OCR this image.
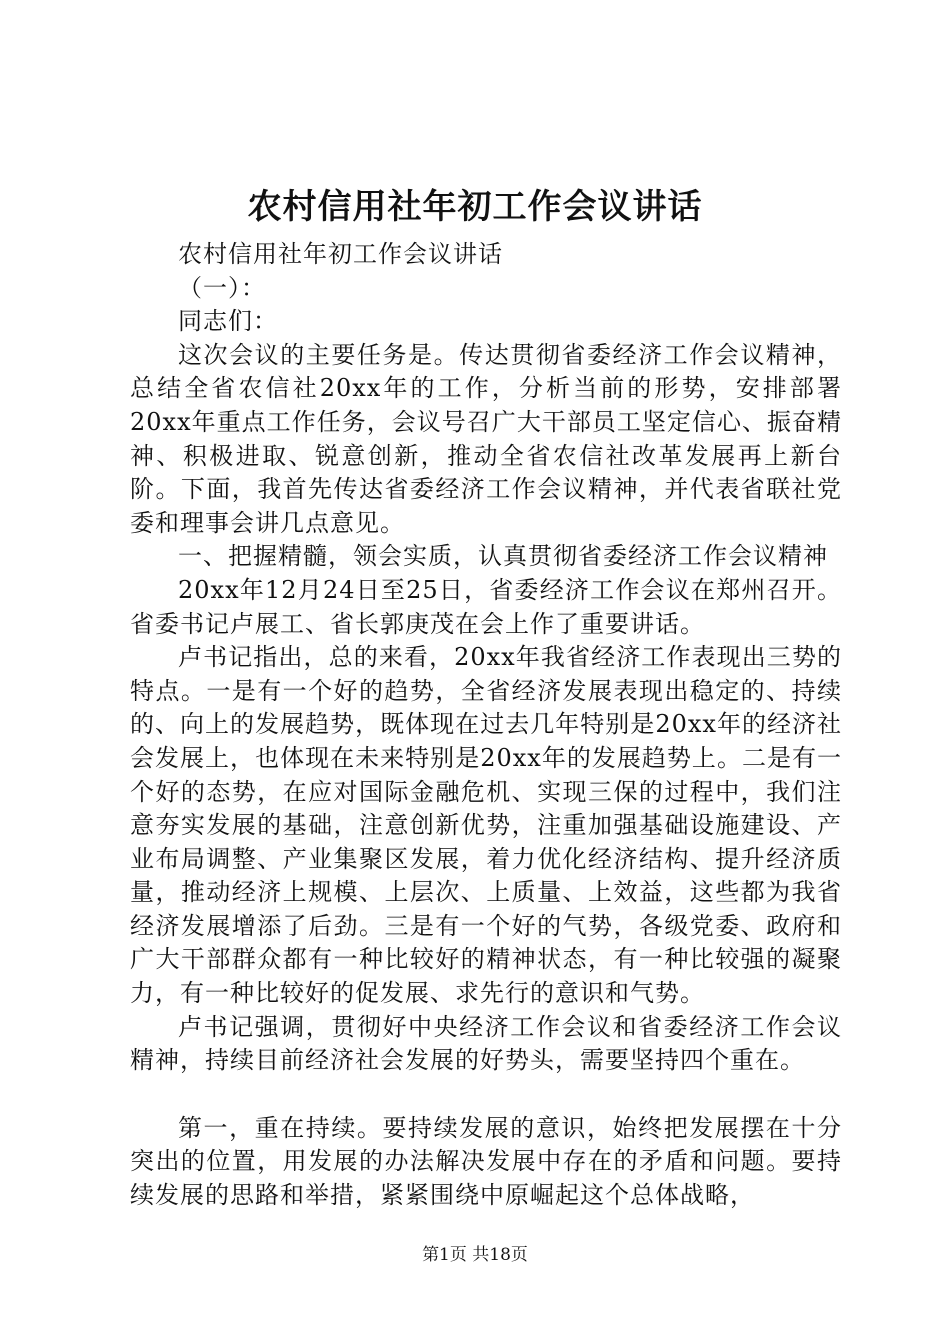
农村信用社年初工作会议讲话

农村信用社年初工作会议讲话

（一）：

同志们：

这次会议的主要任务是。传达贯彻省委经济工作会议精神，总结全省农信社20xx年的工作，分析当前的形势，安排部署20xx年重点工作任务，会议号召广大干部员工坚定信心、振奋精神、积极进取、锐意创新，推动全省农信社改革发展再上新台阶。下面，我首先传达省委经济工作会议精神，并代表省联社党委和理事会讲几点意见。

一、把握精髓，领会实质，认真贯彻省委经济工作会议精神

20xx年12月24日至25日，省委经济工作会议在郑州召开。省委书记卢展工、省长郭庚茂在会上作了重要讲话。

卢书记指出，总的来看，20xx年我省经济工作表现出三势的特点。一是有一个好的趋势，全省经济发展表现出稳定的、持续的、向上的发展趋势，既体现在过去几年特别是20xx年的经济社会发展上，也体现在未来特别是20xx年的发展趋势上。二是有一个好的态势，在应对国际金融危机、实现三保的过程中，我们注意夯实发展的基础，注意创新优势，注重加强基础设施建设、产业布局调整、产业集聚区发展，着力优化经济结构、提升经济质量，推动经济上规模、上层次、上质量、上效益，这些都为我省经济发展增添了后劲。三是有一个好的气势，各级党委、政府和广大干部群众都有一种比较好的精神状态，有一种比较强的凝聚力，有一种比较好的促发展、求先行的意识和气势。

卢书记强调，贯彻好中央经济工作会议和省委经济工作会议精神，持续目前经济社会发展的好势头，需要坚持四个重在。

第一，重在持续。要持续发展的意识，始终把发展摆在十分突出的位置，用发展的办法解决发展中存在的矛盾和问题。要持续发展的思路和举措，紧紧围绕中原崛起这个总体战略，

第1页 共18页
